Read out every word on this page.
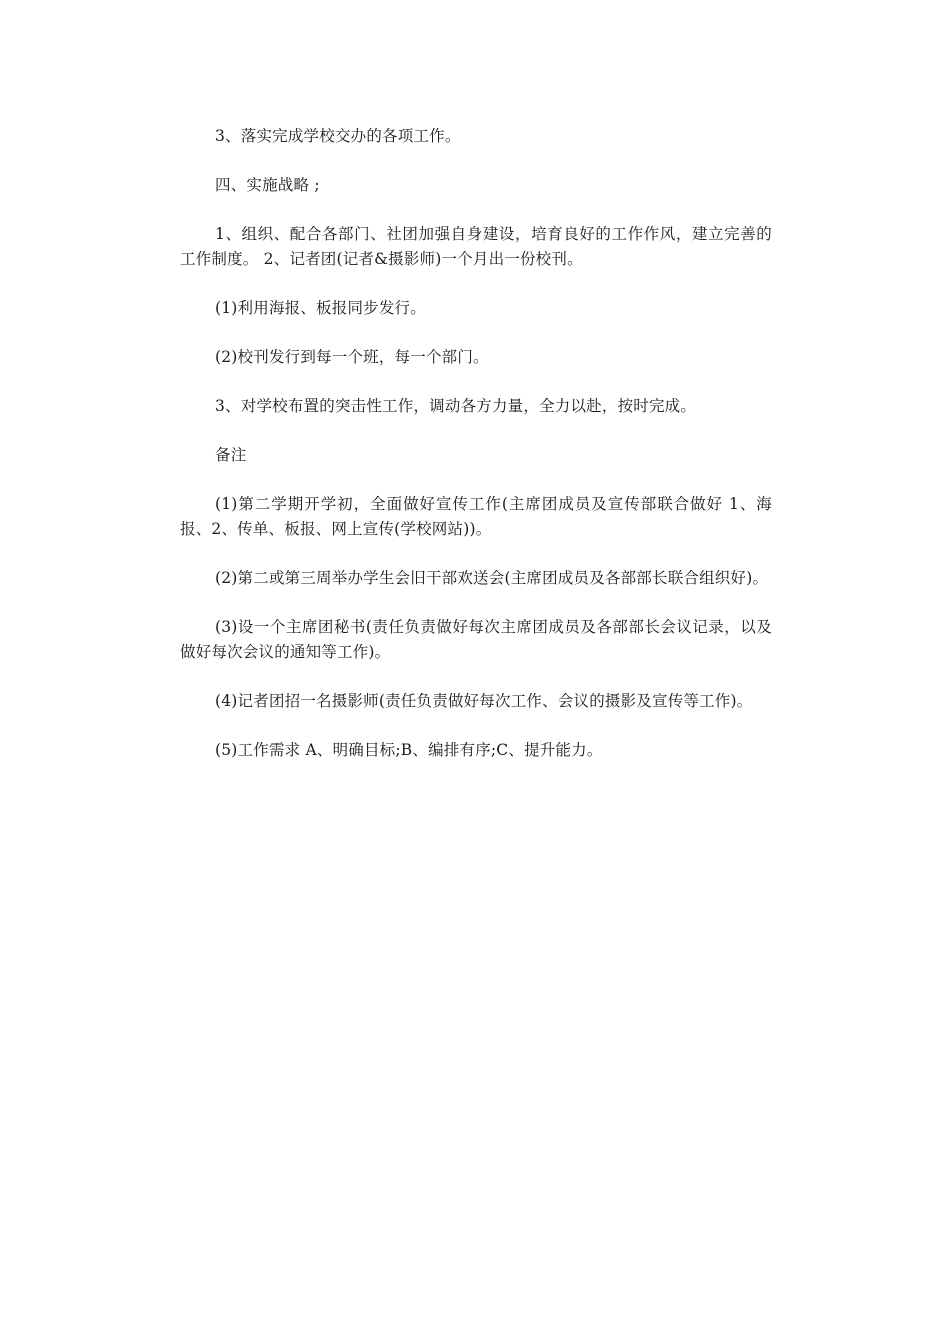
3、落实完成学校交办的各项工作。

四、实施战略 ;

1、组织、配合各部门、社团加强自身建设，培育良好的工作作风，建立完善的工作制度。 2、记者团(记者&摄影师)一个月出一份校刊。

(1)利用海报、板报同步发行。

(2)校刊发行到每一个班，每一个部门。

3、对学校布置的突击性工作，调动各方力量，全力以赴，按时完成。

备注

(1)第二学期开学初，全面做好宣传工作(主席团成员及宣传部联合做好 1、海报、2、传单、板报、网上宣传(学校网站))。

(2)第二或第三周举办学生会旧干部欢送会(主席团成员及各部部长联合组织好)。

(3)设一个主席团秘书(责任负责做好每次主席团成员及各部部长会议记录，以及做好每次会议的通知等工作)。

(4)记者团招一名摄影师(责任负责做好每次工作、会议的摄影及宣传等工作)。

(5)工作需求 A、明确目标;B、编排有序;C、提升能力。
